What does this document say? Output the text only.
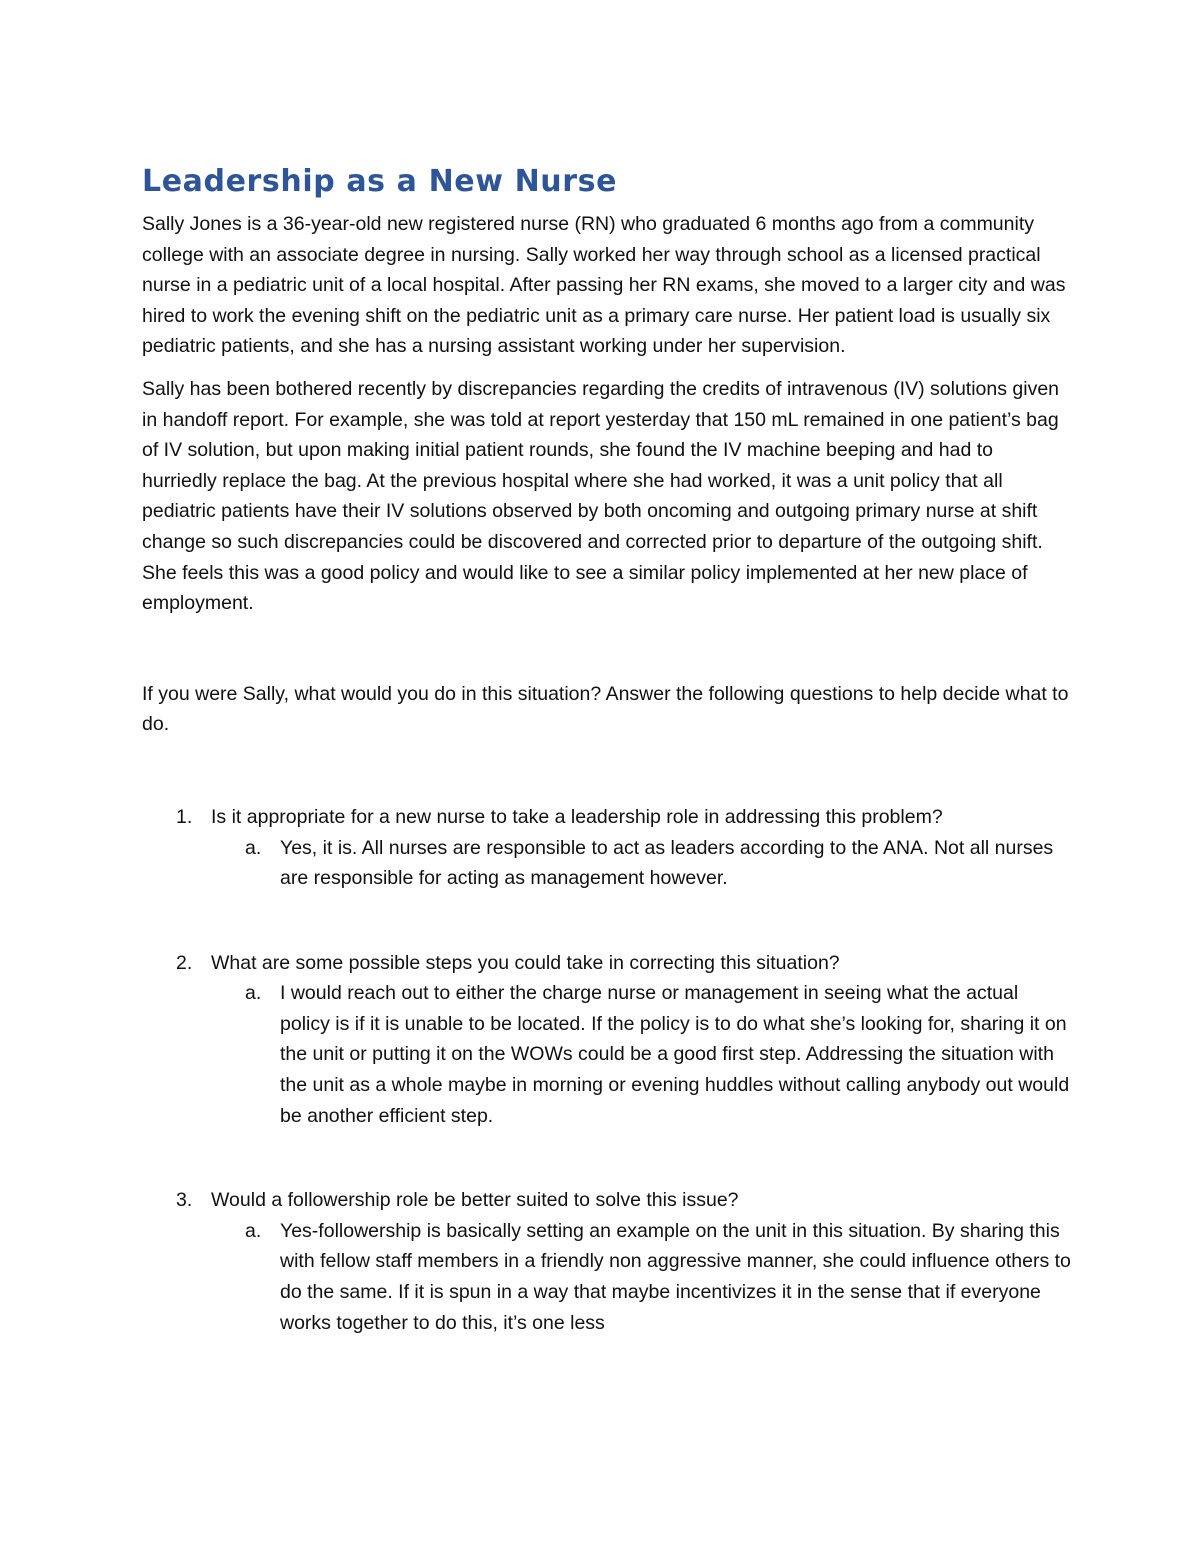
Leadership as a New Nurse

Sally Jones is a 36-year-old new registered nurse (RN) who graduated 6 months ago from a community college with an associate degree in nursing. Sally worked her way through school as a licensed practical nurse in a pediatric unit of a local hospital. After passing her RN exams, she moved to a larger city and was hired to work the evening shift on the pediatric unit as a primary care nurse. Her patient load is usually six pediatric patients, and she has a nursing assistant working under her supervision.

Sally has been bothered recently by discrepancies regarding the credits of intravenous (IV) solutions given in handoff report. For example, she was told at report yesterday that 150 mL remained in one patient’s bag of IV solution, but upon making initial patient rounds, she found the IV machine beeping and had to hurriedly replace the bag. At the previous hospital where she had worked, it was a unit policy that all pediatric patients have their IV solutions observed by both oncoming and outgoing primary nurse at shift change so such discrepancies could be discovered and corrected prior to departure of the outgoing shift. She feels this was a good policy and would like to see a similar policy implemented at her new place of employment.

If you were Sally, what would you do in this situation? Answer the following questions to help decide what to do.

1. Is it appropriate for a new nurse to take a leadership role in addressing this problem?
a. Yes, it is. All nurses are responsible to act as leaders according to the ANA. Not all nurses are responsible for acting as management however.
2. What are some possible steps you could take in correcting this situation?
a. I would reach out to either the charge nurse or management in seeing what the actual policy is if it is unable to be located. If the policy is to do what she’s looking for, sharing it on the unit or putting it on the WOWs could be a good first step. Addressing the situation with the unit as a whole maybe in morning or evening huddles without calling anybody out would be another efficient step.
3. Would a followership role be better suited to solve this issue?
a. Yes-followership is basically setting an example on the unit in this situation. By sharing this with fellow staff members in a friendly non aggressive manner, she could influence others to do the same. If it is spun in a way that maybe incentivizes it in the sense that if everyone works together to do this, it’s one less
